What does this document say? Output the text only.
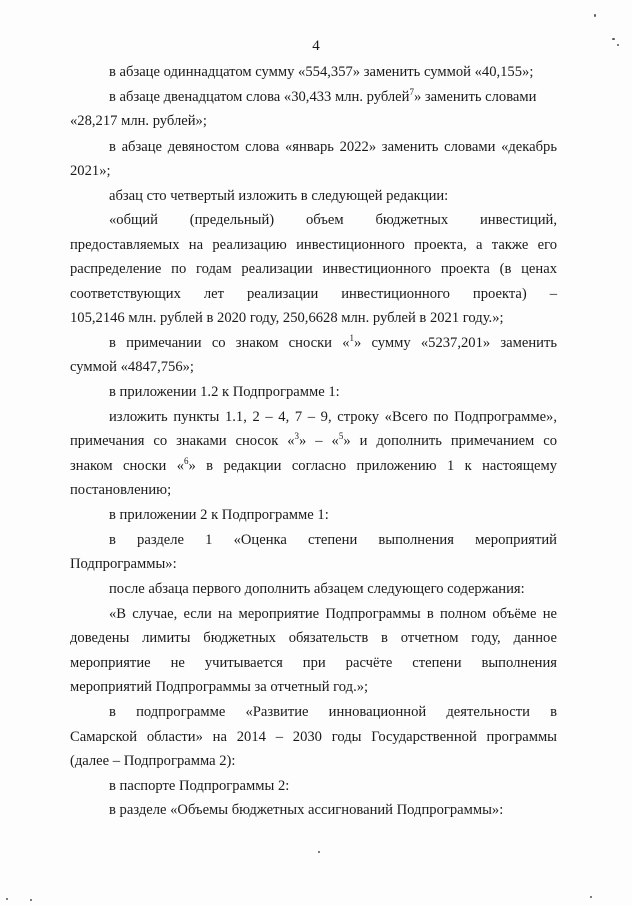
4
в абзаце одиннадцатом сумму «554,357» заменить суммой «40,155»;
в абзаце двенадцатом слова «30,433 млн. рублей$^7$» заменить словами
«28,217 млн. рублей»;
в абзаце девяностом слова «январь 2022» заменить словами «декабрь
2021»;
абзац сто четвертый изложить в следующей редакции:
«общий (предельный) объем бюджетных инвестиций,
предоставляемых на реализацию инвестиционного проекта, а также его
распределение по годам реализации инвестиционного проекта (в ценах
соответствующих лет реализации инвестиционного проекта) –
105,2146 млн. рублей в 2020 году, 250,6628 млн. рублей в 2021 году.»;
в примечании со знаком сноски «$^1$» сумму «5237,201» заменить
суммой «4847,756»;
в приложении 1.2 к Подпрограмме 1:
изложить пункты 1.1, 2 – 4, 7 – 9, строку «Всего по Подпрограмме»,
примечания со знаками сносок «$^3$» – «$^5$» и дополнить примечанием со
знаком сноски «$^6$» в редакции согласно приложению 1 к настоящему
постановлению;
в приложении 2 к Подпрограмме 1:
в разделе 1 «Оценка степени выполнения мероприятий
Подпрограммы»:
после абзаца первого дополнить абзацем следующего содержания:
«В случае, если на мероприятие Подпрограммы в полном объёме не
доведены лимиты бюджетных обязательств в отчетном году, данное
мероприятие не учитывается при расчёте степени выполнения
мероприятий Подпрограммы за отчетный год.»;
в подпрограмме «Развитие инновационной деятельности в
Самарской области» на 2014 – 2030 годы Государственной программы
(далее – Подпрограмма 2):
в паспорте Подпрограммы 2:
в разделе «Объемы бюджетных ассигнований Подпрограммы»:
